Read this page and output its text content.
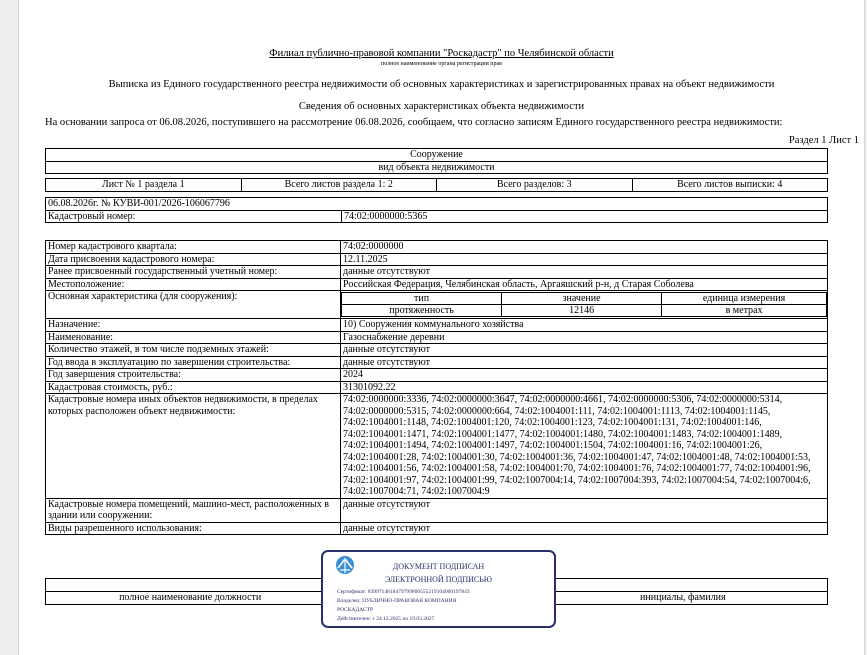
Филиал публично-правовой компании "Роскадастр" по Челябинской области
полное наименование органа регистрации прав
Выписка из Единого государственного реестра недвижимости об основных характеристиках и зарегистрированных правах на объект недвижимости
Сведения об основных характеристиках объекта недвижимости
На основании запроса от 06.08.2026, поступившего на рассмотрение 06.08.2026, сообщаем, что согласно записям Единого государственного реестра недвижимости:
Раздел 1 Лист 1
Сооружение
вид объекта недвижимости
Лист № 1 раздела 1	Всего листов раздела 1: 2	Всего разделов: 3	Всего листов выписки: 4
06.08.2026г. № КУВИ-001/2026-106067796
Кадастровый номер:	74:02:0000000:5365
Номер кадастрового квартала:	74:02:0000000
Дата присвоения кадастрового номера:	12.11.2025
Ранее присвоенный государственный учетный номер:	данные отсутствуют
Местоположение:	Российская Федерация, Челябинская область, Аргаяшский р-н, д Старая Соболева
Основная характеристика (для сооружения):		тип	значение	единица измерения
протяженность	12146	в метрах

Назначение:	10) Сооружения коммунального хозяйства
Наименование:	Газоснабжение деревни
Количество этажей, в том числе подземных этажей:	данные отсутствуют
Год ввода в эксплуатацию по завершении строительства:	данные отсутствуют
Год завершения строительства:	2024
Кадастровая стоимость, руб.:	31301092.22
Кадастровые номера иных объектов недвижимости, в пределах которых расположен объект недвижимости:	74:02:0000000:3336, 74:02:0000000:3647, 74:02:0000000:4661, 74:02:0000000:5306, 74:02:0000000:5314, 74:02:0000000:5315, 74:02:0000000:664, 74:02:1004001:111, 74:02:1004001:1113, 74:02:1004001:1145, 74:02:1004001:1148, 74:02:1004001:120, 74:02:1004001:123, 74:02:1004001:131, 74:02:1004001:146, 74:02:1004001:1471, 74:02:1004001:1477, 74:02:1004001:1480, 74:02:1004001:1483, 74:02:1004001:1489, 74:02:1004001:1494, 74:02:1004001:1497, 74:02:1004001:1504, 74:02:1004001:16, 74:02:1004001:26, 74:02:1004001:28, 74:02:1004001:30, 74:02:1004001:36, 74:02:1004001:47, 74:02:1004001:48, 74:02:1004001:53, 74:02:1004001:56, 74:02:1004001:58, 74:02:1004001:70, 74:02:1004001:76, 74:02:1004001:77, 74:02:1004001:96, 74:02:1004001:97, 74:02:1004001:99, 74:02:1007004:14, 74:02:1007004:393, 74:02:1007004:54, 74:02:1007004:6, 74:02:1007004:71, 74:02:1007004:9
Кадастровые номера помещений, машино-мест, расположенных в здании или сооружении:	данные отсутствуют
Виды разрешенного использования:	данные отсутствуют

полное наименование должности		инициалы, фамилия
ДОКУМЕНТ ПОДПИСАН
ЭЛЕКТРОННОЙ ПОДПИСЬЮ
Сертификат: 8399714818479799800555219104000197843
Владелец: ПУБЛИЧНО-ПРАВОВАЯ КОМПАНИЯ
РОСКАДАСТР
Действителен: с 24.12.2025 по 19.03.2027
